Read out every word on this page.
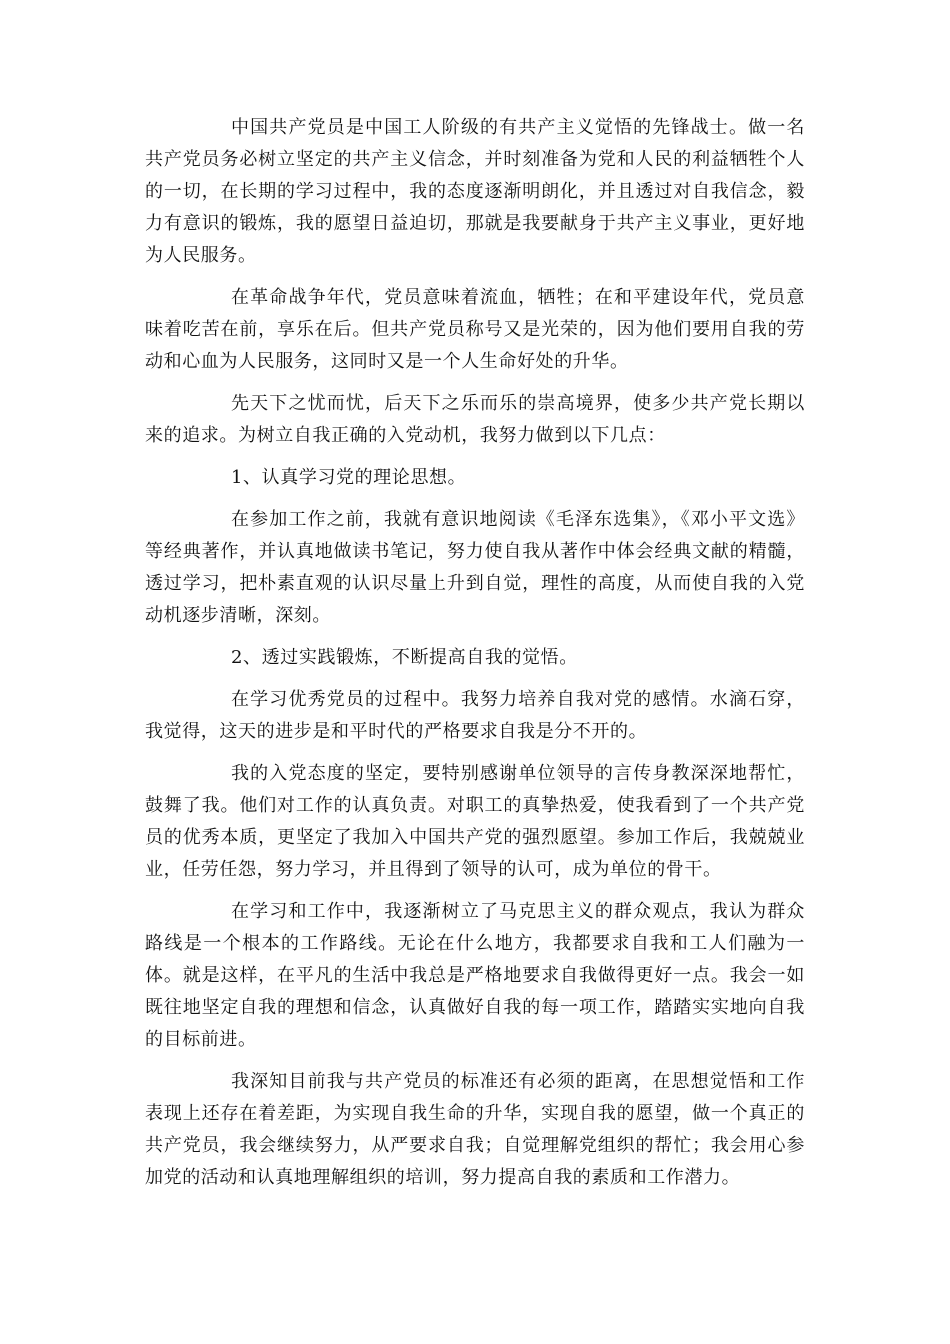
中国共产党员是中国工人阶级的有共产主义觉悟的先锋战士。做一名共产党员务必树立坚定的共产主义信念，并时刻准备为党和人民的利益牺牲个人的一切，在长期的学习过程中，我的态度逐渐明朗化，并且透过对自我信念，毅力有意识的锻炼，我的愿望日益迫切，那就是我要献身于共产主义事业，更好地为人民服务。

在革命战争年代，党员意味着流血，牺牲；在和平建设年代，党员意味着吃苦在前，享乐在后。但共产党员称号又是光荣的，因为他们要用自我的劳动和心血为人民服务，这同时又是一个人生命好处的升华。

先天下之忧而忧，后天下之乐而乐的崇高境界，使多少共产党长期以来的追求。为树立自我正确的入党动机，我努力做到以下几点：

1、认真学习党的理论思想。

在参加工作之前，我就有意识地阅读《毛泽东选集》，《邓小平文选》等经典著作，并认真地做读书笔记，努力使自我从著作中体会经典文献的精髓，透过学习，把朴素直观的认识尽量上升到自觉，理性的高度，从而使自我的入党动机逐步清晰，深刻。

2、透过实践锻炼，不断提高自我的觉悟。

在学习优秀党员的过程中。我努力培养自我对党的感情。水滴石穿，我觉得，这天的进步是和平时代的严格要求自我是分不开的。

我的入党态度的坚定，要特别感谢单位领导的言传身教深深地帮忙，鼓舞了我。他们对工作的认真负责。对职工的真挚热爱，使我看到了一个共产党员的优秀本质，更坚定了我加入中国共产党的强烈愿望。参加工作后，我兢兢业业，任劳任怨，努力学习，并且得到了领导的认可，成为单位的骨干。

在学习和工作中，我逐渐树立了马克思主义的群众观点，我认为群众路线是一个根本的工作路线。无论在什么地方，我都要求自我和工人们融为一体。就是这样，在平凡的生活中我总是严格地要求自我做得更好一点。我会一如既往地坚定自我的理想和信念，认真做好自我的每一项工作，踏踏实实地向自我的目标前进。

我深知目前我与共产党员的标准还有必须的距离，在思想觉悟和工作表现上还存在着差距，为实现自我生命的升华，实现自我的愿望，做一个真正的共产党员，我会继续努力，从严要求自我；自觉理解党组织的帮忙；我会用心参加党的活动和认真地理解组织的培训，努力提高自我的素质和工作潜力。
